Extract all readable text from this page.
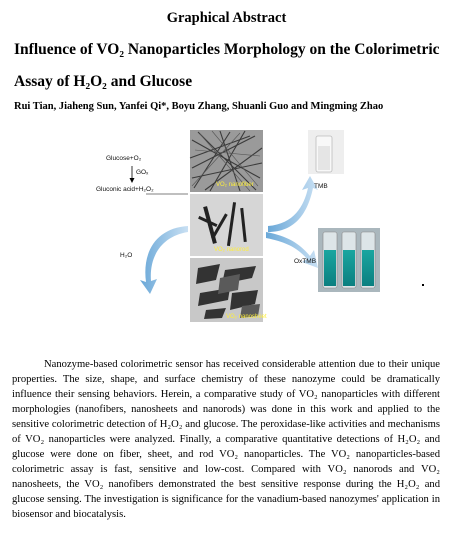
Graphical Abstract
Influence of VO₂ Nanoparticles Morphology on the Colorimetric Assay of H₂O₂ and Glucose
Rui Tian, Jiaheng Sun, Yanfei Qi*, Boyu Zhang, Shuanli Guo and Mingming Zhao
Glucose+O₂
GOₓ
Gluconic acid+H₂O₂
H₂O
TMB
OxTMB
VO₂ nanofiber
VO₂ nanorod
VO₂ nanosheet
Nanozyme-based colorimetric sensor has received considerable attention due to their unique properties. The size, shape, and surface chemistry of these nanozyme could be dramatically influence their sensing behaviors. Herein, a comparative study of VO₂ nanoparticles with different morphologies (nanofibers, nanosheets and nanorods) was done in this work and applied to the sensitive colorimetric detection of H₂O₂ and glucose. The peroxidase-like activities and mechanisms of VO₂ nanoparticles were analyzed. Finally, a comparative quantitative detections of H₂O₂ and glucose were done on fiber, sheet, and rod VO₂ nanoparticles. The VO₂ nanoparticles-based colorimetric assay is fast, sensitive and low-cost. Compared with VO₂ nanorods and VO₂ nanosheets, the VO₂ nanofibers demonstrated the best sensitive response during the H₂O₂ and glucose sensing. The investigation is significance for the vanadium-based nanozymes' application in biosensor and biocatalysis.
